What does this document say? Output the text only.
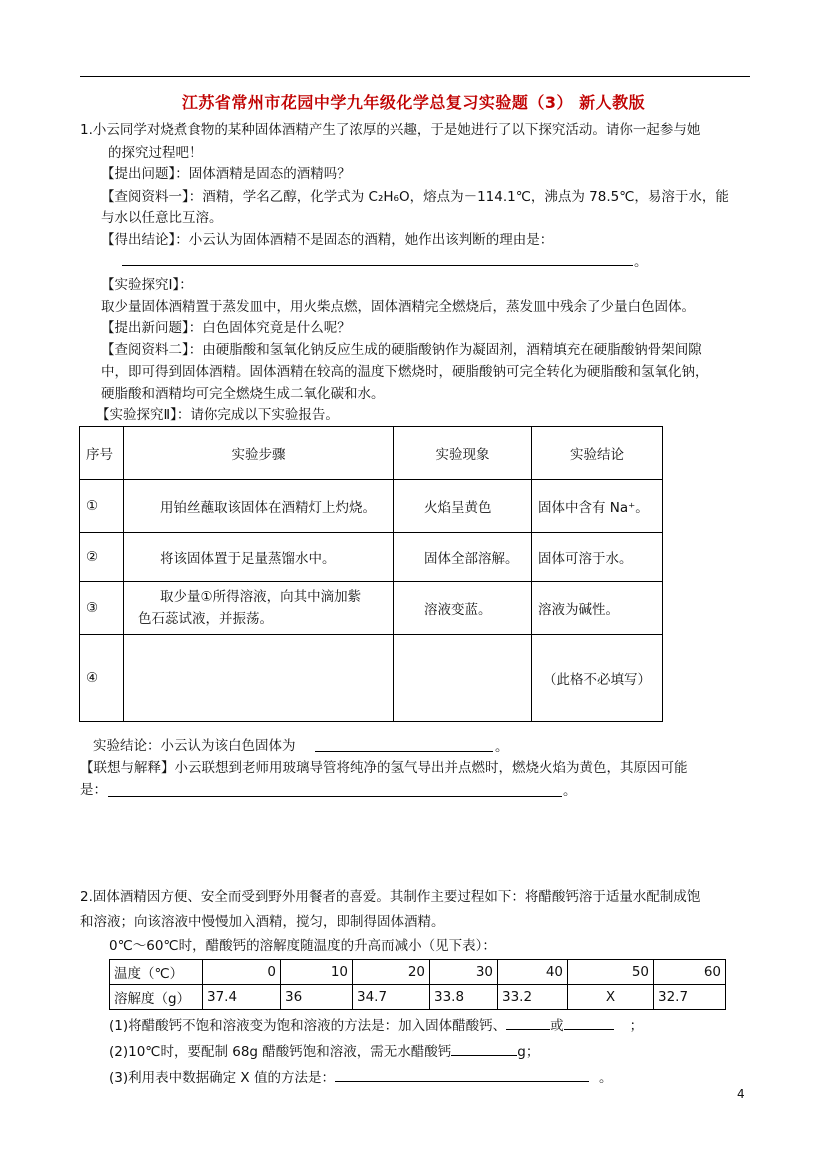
江苏省常州市花园中学九年级化学总复习实验题（3） 新人教版
1.小云同学对烧煮食物的某种固体酒精产生了浓厚的兴趣，于是她进行了以下探究活动。请你一起参与她
的探究过程吧！
【提出问题】：固体酒精是固态的酒精吗？
【查阅资料一】：酒精，学名乙醇，化学式为 C₂H₆O，熔点为－114.1℃，沸点为 78.5℃，易溶于水，能
与水以任意比互溶。
【得出结论】：小云认为固体酒精不是固态的酒精，她作出该判断的理由是：
。
【实验探究Ⅰ】：
取少量固体酒精置于蒸发皿中，用火柴点燃，固体酒精完全燃烧后，蒸发皿中残余了少量白色固体。
【提出新问题】：白色固体究竟是什么呢？
【查阅资料二】：由硬脂酸和氢氧化钠反应生成的硬脂酸钠作为凝固剂，酒精填充在硬脂酸钠骨架间隙
中，即可得到固体酒精。固体酒精在较高的温度下燃烧时，硬脂酸钠可完全转化为硬脂酸和氢氧化钠，
硬脂酸和酒精均可完全燃烧生成二氧化碳和水。
【实验探究Ⅱ】：请你完成以下实验报告。
序号	实验步骤	实验现象	实验结论
①	用铂丝蘸取该固体在酒精灯上灼烧。	火焰呈黄色	固体中含有 Na⁺。
②	将该固体置于足量蒸馏水中。	固体全部溶解。	固体可溶于水。
③	取少量①所得溶液，向其中滴加紫
色石蕊试液，并振荡。	溶液变蓝。	溶液为碱性。
④			（此格不必填写）
实验结论：小云认为该白色固体为	。
【联想与解释】小云联想到老师用玻璃导管将纯净的氢气导出并点燃时，燃烧火焰为黄色，其原因可能
是：	。
2.固体酒精因方便、安全而受到野外用餐者的喜爱。其制作主要过程如下：将醋酸钙溶于适量水配制成饱
和溶液；向该溶液中慢慢加入酒精，搅匀，即制得固体酒精。
0℃～60℃时，醋酸钙的溶解度随温度的升高而减小（见下表）：
温度（℃）	0	10	20	30	40	50	60
溶解度（g）	37.4	36	34.7	33.8	33.2	X	32.7
(1)将醋酸钙不饱和溶液变为饱和溶液的方法是：加入固体醋酸钙、	或	；
(2)10℃时，要配制 68g 醋酸钙饱和溶液，需无水醋酸钙	g；
(3)利用表中数据确定 X 值的方法是：	。
4
